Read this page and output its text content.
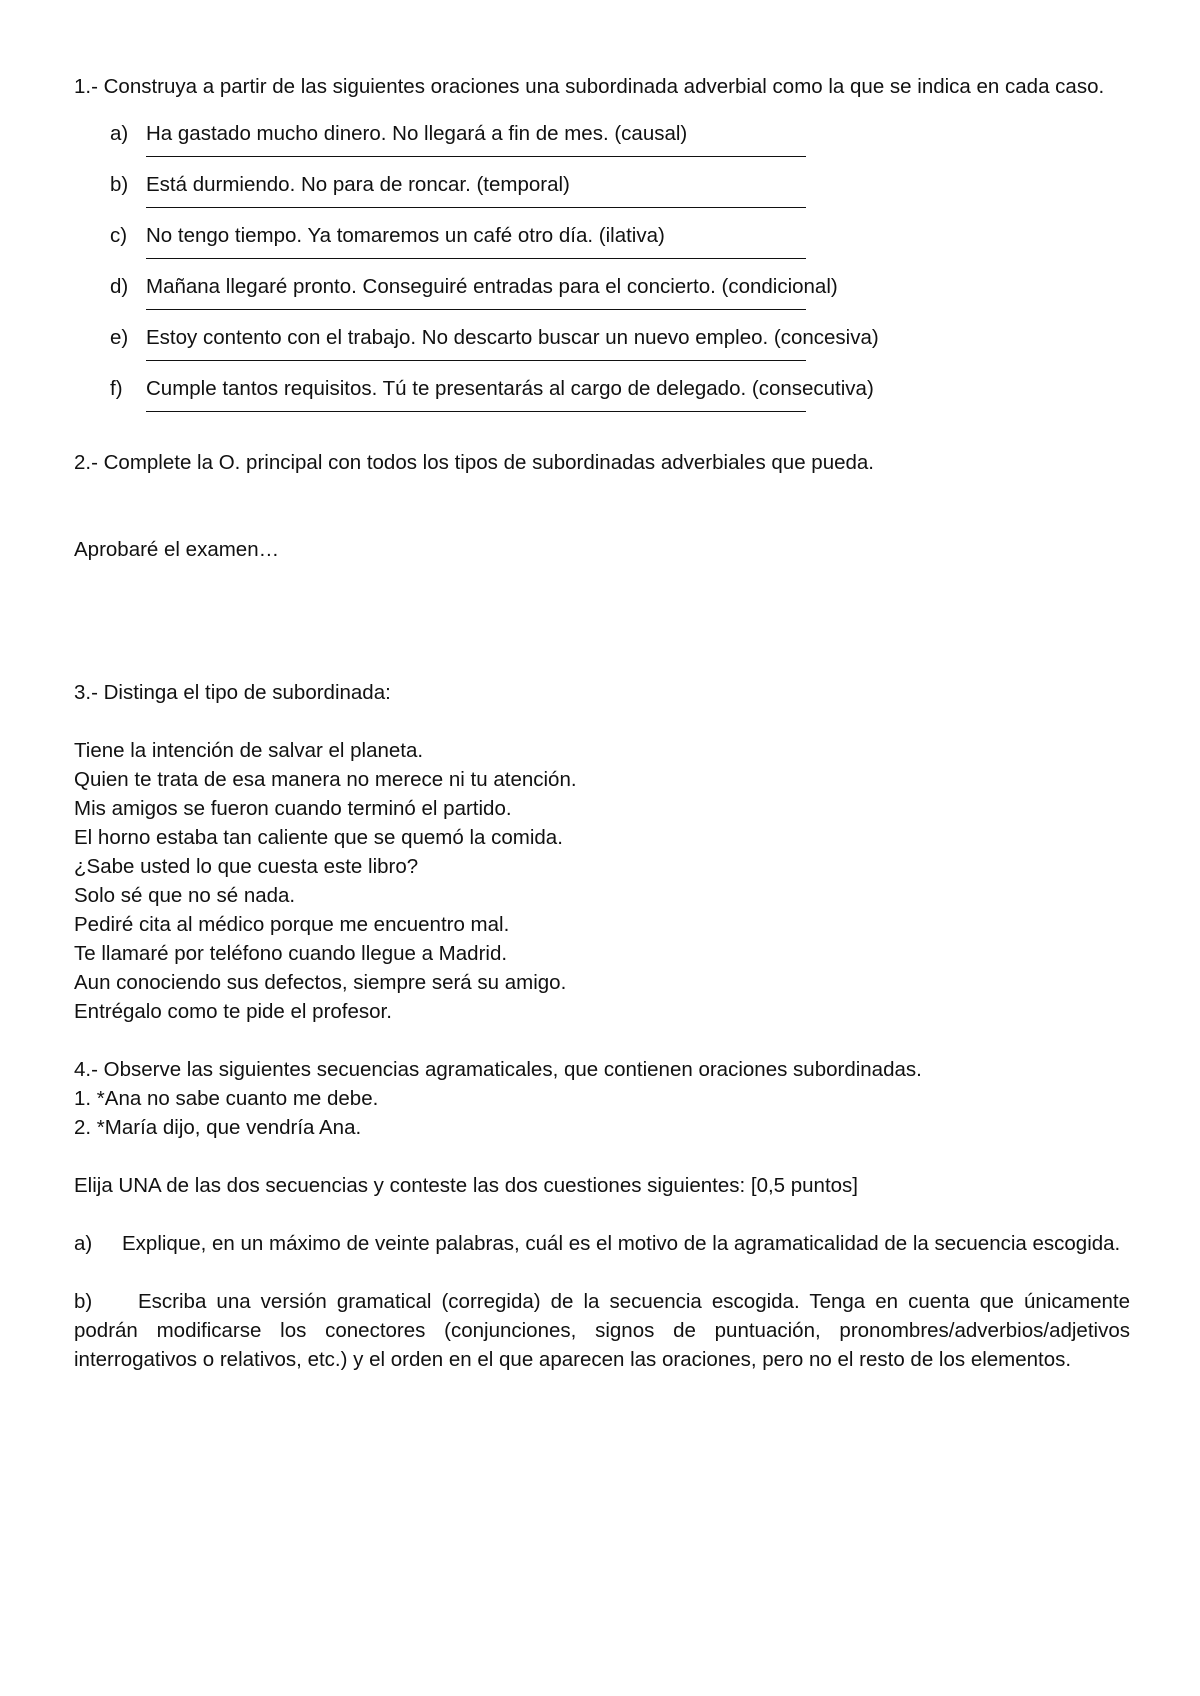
1.- Construya a partir de las siguientes oraciones una subordinada adverbial como la que se indica en cada caso.

a) Ha gastado mucho dinero. No llegará a fin de mes. (causal)
b) Está durmiendo. No para de roncar. (temporal)
c) No tengo tiempo. Ya tomaremos un café otro día. (ilativa)
d) Mañana llegaré pronto. Conseguiré entradas para el concierto. (condicional)
e) Estoy contento con el trabajo. No descarto buscar un nuevo empleo. (concesiva)
f) Cumple tantos requisitos. Tú te presentarás al cargo de delegado. (consecutiva)

2.- Complete la O. principal con todos los tipos de subordinadas adverbiales que pueda.

Aprobaré el examen…

3.- Distinga el tipo de subordinada:

Tiene la intención de salvar el planeta.

Quien te trata de esa manera no merece ni tu atención.

Mis amigos se fueron cuando terminó el partido.

El horno estaba tan caliente que se quemó la comida.

¿Sabe usted lo que cuesta este libro?

Solo sé que no sé nada.

Pediré cita al médico porque me encuentro mal.

Te llamaré por teléfono cuando llegue a Madrid.

Aun conociendo sus defectos, siempre será su amigo.

Entrégalo como te pide el profesor.

4.- Observe las siguientes secuencias agramaticales, que contienen oraciones subordinadas.

1. *Ana no sabe cuanto me debe.

2. *María dijo, que vendría Ana.

Elija UNA de las dos secuencias y conteste las dos cuestiones siguientes: [0,5 puntos]

a) Explique, en un máximo de veinte palabras, cuál es el motivo de la agramaticalidad de la secuencia escogida.

b) Escriba una versión gramatical (corregida) de la secuencia escogida. Tenga en cuenta que únicamente podrán modificarse los conectores (conjunciones, signos de puntuación, pronombres/adverbios/adjetivos interrogativos o relativos, etc.) y el orden en el que aparecen las oraciones, pero no el resto de los elementos.
